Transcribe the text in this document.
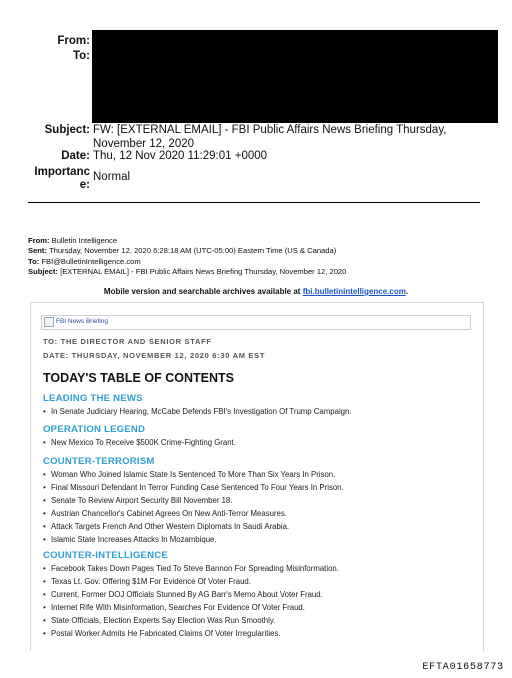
From:
To:
Subject: FW: [EXTERNAL EMAIL] - FBI Public Affairs News Briefing Thursday,
November 12, 2020
Date: Thu, 12 Nov 2020 11:29:01 +0000
Importanc
e:
Normal
From: Bulletin Intelligence
Sent: Thursday, November 12, 2020 6:28:18 AM (UTC-05:00) Eastern Time (US & Canada)
To: FBI@BulletinIntelligence.com
Subject: [EXTERNAL EMAIL] - FBI Public Affairs News Briefing Thursday, November 12, 2020
Mobile version and searchable archives available at fbi.bulletinintelligence.com.
FBI News Briefing
TO: THE DIRECTOR AND SENIOR STAFF
DATE: THURSDAY, NOVEMBER 12, 2020 6:30 AM EST
TODAY'S TABLE OF CONTENTS
LEADING THE NEWS
• In Senate Judiciary Hearing, McCabe Defends FBI's Investigation Of Trump Campaign.
OPERATION LEGEND
• New Mexico To Receive $500K Crime-Fighting Grant.
COUNTER-TERRORISM
• Woman Who Joined Islamic State Is Sentenced To More Than Six Years In Prison.
• Final Missouri Defendant In Terror Funding Case Sentenced To Four Years In Prison.
• Senate To Review Airport Security Bill November 18.
• Austrian Chancellor's Cabinet Agrees On New Anti-Terror Measures.
• Attack Targets French And Other Western Diplomats In Saudi Arabia.
• Islamic State Increases Attacks In Mozambique.
COUNTER-INTELLIGENCE
• Facebook Takes Down Pages Tied To Steve Bannon For Spreading Misinformation.
• Texas Lt. Gov. Offering $1M For Evidence Of Voter Fraud.
• Current, Former DOJ Officials Stunned By AG Barr's Memo About Voter Fraud.
• Internet Rife With Misinformation, Searches For Evidence Of Voter Fraud.
• State Officials, Election Experts Say Election Was Run Smoothly.
• Postal Worker Admits He Fabricated Claims Of Voter Irregularities.
EFTA01658773
